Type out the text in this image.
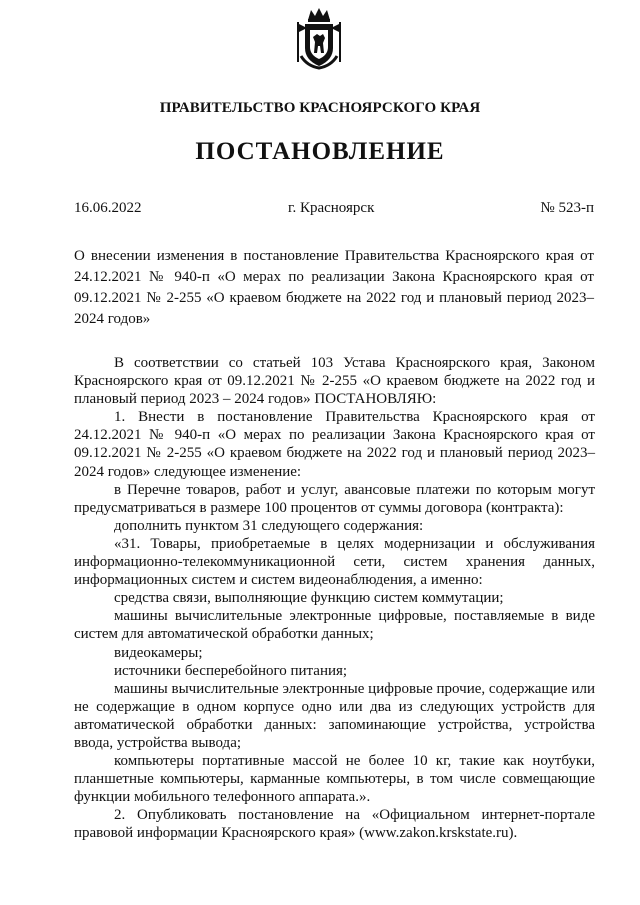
ПРАВИТЕЛЬСТВО КРАСНОЯРСКОГО КРАЯ
ПОСТАНОВЛЕНИЕ
16.06.2022	г. Красноярск	№ 523-п
О внесении изменения в постановление Правительства Красноярского края от 24.12.2021 № 940-п «О мерах по реализации Закона Красноярского края от 09.12.2021 № 2-255 «О краевом бюджете на 2022 год и плановый период 2023–2024 годов»

В соответствии со статьей 103 Устава Красноярского края, Законом Красноярского края от 09.12.2021 № 2-255 «О краевом бюджете на 2022 год и плановый период 2023 – 2024 годов» ПОСТАНОВЛЯЮ:

1. Внести в постановление Правительства Красноярского края от 24.12.2021 № 940-п «О мерах по реализации Закона Красноярского края от 09.12.2021 № 2-255 «О краевом бюджете на 2022 год и плановый период 2023–2024 годов» следующее изменение:

в Перечне товаров, работ и услуг, авансовые платежи по которым могут предусматриваться в размере 100 процентов от суммы договора (контракта):

дополнить пунктом 31 следующего содержания:

«31. Товары, приобретаемые в целях модернизации и обслуживания информационно-телекоммуникационной сети, систем хранения данных, информационных систем и систем видеонаблюдения, а именно:

средства связи, выполняющие функцию систем коммутации;

машины вычислительные электронные цифровые, поставляемые в виде систем для автоматической обработки данных;

видеокамеры;

источники бесперебойного питания;

машины вычислительные электронные цифровые прочие, содержащие или не содержащие в одном корпусе одно или два из следующих устройств для автоматической обработки данных: запоминающие устройства, устройства ввода, устройства вывода;

компьютеры портативные массой не более 10 кг, такие как ноутбуки, планшетные компьютеры, карманные компьютеры, в том числе совмещающие функции мобильного телефонного аппарата.».

2. Опубликовать постановление на «Официальном интернет-портале правовой информации Красноярского края» (www.zakon.krskstate.ru).
